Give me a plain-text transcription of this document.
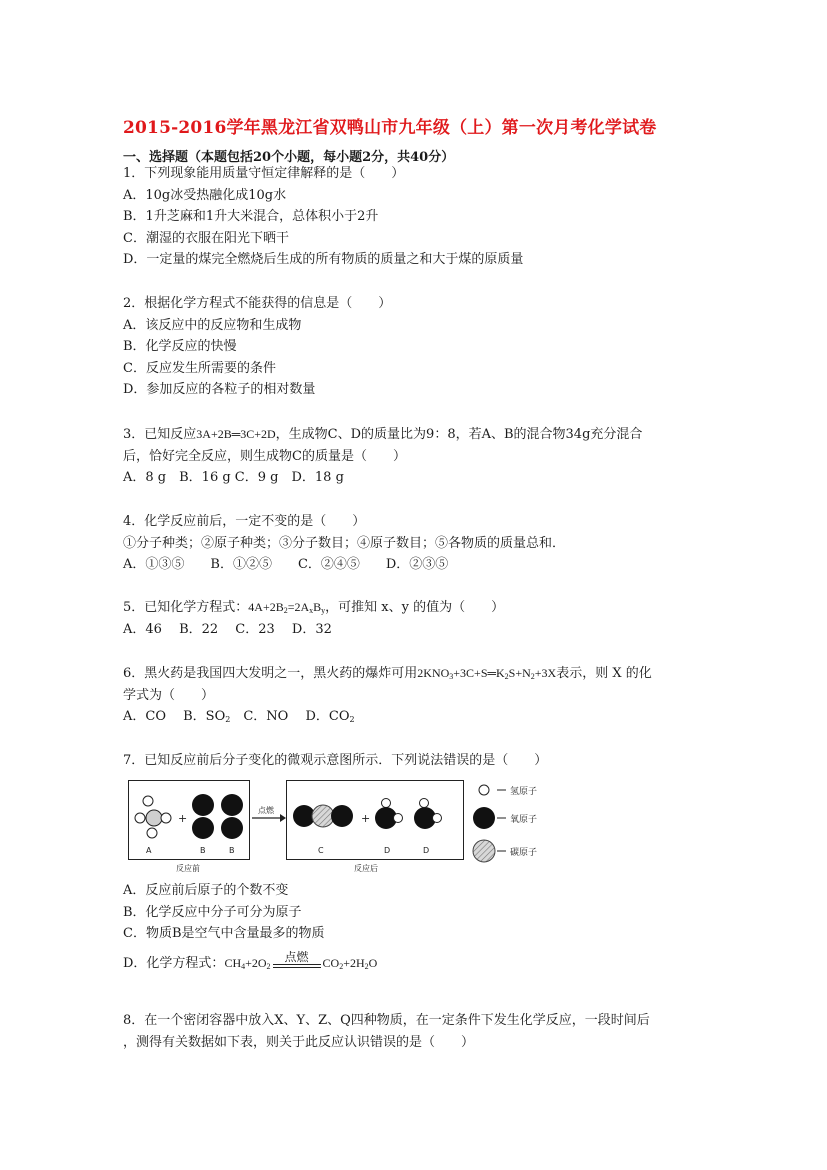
2015-2016学年黑龙江省双鸭山市九年级（上）第一次月考化学试卷
一、选择题（本题包括20个小题，每小题2分，共40分）
1．下列现象能用质量守恒定律解释的是（　　）
A．10g冰受热融化成10g水
B．1升芝麻和1升大米混合，总体积小于2升
C．潮湿的衣服在阳光下晒干
D．一定量的煤完全燃烧后生成的所有物质的质量之和大于煤的原质量
2．根据化学方程式不能获得的信息是（　　）
A．该反应中的反应物和生成物
B．化学反应的快慢
C．反应发生所需要的条件
D．参加反应的各粒子的相对数量
3．已知反应3A+2B═3C+2D，生成物C、D的质量比为9：8，若A、B的混合物34g充分混合
后，恰好完全反应，则生成物C的质量是（　　）
A．8 g　B．16 g C．9 g　D．18 g
4．化学反应前后，一定不变的是（　　）
①分子种类；②原子种类；③分子数目；④原子数目；⑤各物质的质量总和．
A．①③⑤　　B．①②⑤　　C．②④⑤　　D．②③⑤
5．已知化学方程式：$4A+2B_2=2A_xB_y$，可推知 x、y 的值为（　　）
A．46　 B．22　 C．23　 D．32
6．黑火药是我国四大发明之一，黑火药的爆炸可用$2KNO_3+3C+S═K_2S+N_2+3X$表示，则 X 的化
学式为（　　）
A．CO　 B．$SO_2$　C．NO　 D．$CO_2$
7．已知反应前后分子变化的微观示意图所示．下列说法错误的是（　　）
+	+
A	B	B	C	D	D
反应前	反应后
点燃
氢原子
氧原子
碳原子
A．反应前后原子的个数不变
B．化学反应中分子可分为原子
C．物质B是空气中含量最多的物质
D．化学方程式：$CH_4+2O_2$
点燃	$CO_2+2H_2O$
8．在一个密闭容器中放入X、Y、Z、Q四种物质，在一定条件下发生化学反应，一段时间后
，测得有关数据如下表，则关于此反应认识错误的是（　　）
